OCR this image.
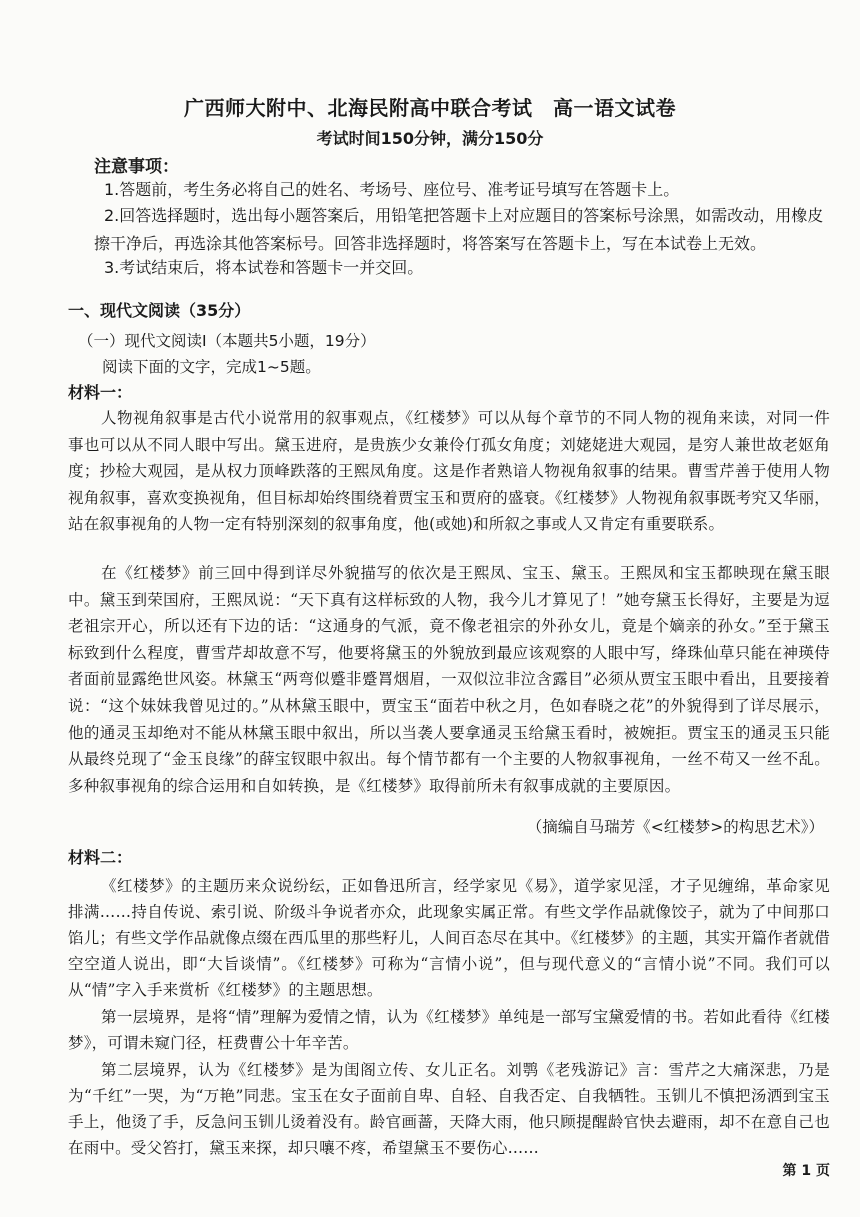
广西师大附中、北海民附高中联合考试　高一语文试卷
考试时间150分钟，满分150分
注意事项：
1.答题前，考生务必将自己的姓名、考场号、座位号、准考证号填写在答题卡上。
2.回答选择题时，选出每小题答案后，用铅笔把答题卡上对应题目的答案标号涂黑，如需改动，用橡皮擦干净后，再选涂其他答案标号。回答非选择题时，将答案写在答题卡上，写在本试卷上无效。
3.考试结束后，将本试卷和答题卡一并交回。
一、现代文阅读（35分）
（一）现代文阅读Ⅰ（本题共5小题，19分）
阅读下面的文字，完成1~5题。
材料一：
人物视角叙事是古代小说常用的叙事观点，《红楼梦》可以从每个章节的不同人物的视角来读，对同一件事也可以从不同人眼中写出。黛玉进府，是贵族少女兼伶仃孤女角度；刘姥姥进大观园，是穷人兼世故老妪角度；抄检大观园，是从权力顶峰跌落的王熙凤角度。这是作者熟谙人物视角叙事的结果。曹雪芹善于使用人物视角叙事，喜欢变换视角，但目标却始终围绕着贾宝玉和贾府的盛衰。《红楼梦》人物视角叙事既考究又华丽，站在叙事视角的人物一定有特别深刻的叙事角度，他(或她)和所叙之事或人又肯定有重要联系。
在《红楼梦》前三回中得到详尽外貌描写的依次是王熙凤、宝玉、黛玉。王熙凤和宝玉都映现在黛玉眼中。黛玉到荣国府，王熙凤说：“天下真有这样标致的人物，我今儿才算见了！”她夸黛玉长得好，主要是为逗老祖宗开心，所以还有下边的话：“这通身的气派，竟不像老祖宗的外孙女儿，竟是个嫡亲的孙女。”至于黛玉标致到什么程度，曹雪芹却故意不写，他要将黛玉的外貌放到最应该观察的人眼中写，绛珠仙草只能在神瑛侍者面前显露绝世风姿。林黛玉“两弯似蹙非蹙罥烟眉，一双似泣非泣含露目”必须从贾宝玉眼中看出，且要接着说：“这个妹妹我曾见过的。”从林黛玉眼中，贾宝玉“面若中秋之月，色如春晓之花”的外貌得到了详尽展示，他的通灵玉却绝对不能从林黛玉眼中叙出，所以当袭人要拿通灵玉给黛玉看时，被婉拒。贾宝玉的通灵玉只能从最终兑现了“金玉良缘”的薛宝钗眼中叙出。每个情节都有一个主要的人物叙事视角，一丝不苟又一丝不乱。多种叙事视角的综合运用和自如转换，是《红楼梦》取得前所未有叙事成就的主要原因。
（摘编自马瑞芳《<红楼梦>的构思艺术》）
材料二：
《红楼梦》的主题历来众说纷纭，正如鲁迅所言，经学家见《易》，道学家见淫，才子见缠绵，革命家见排满……持自传说、索引说、阶级斗争说者亦众，此现象实属正常。有些文学作品就像饺子，就为了中间那口馅儿；有些文学作品就像点缀在西瓜里的那些籽儿，人间百态尽在其中。《红楼梦》的主题，其实开篇作者就借空空道人说出，即“大旨谈情”。《红楼梦》可称为“言情小说”，但与现代意义的“言情小说”不同。我们可以从“情”字入手来赏析《红楼梦》的主题思想。
第一层境界，是将“情”理解为爱情之情，认为《红楼梦》单纯是一部写宝黛爱情的书。若如此看待《红楼梦》，可谓未窥门径，枉费曹公十年辛苦。
第二层境界，认为《红楼梦》是为闺阁立传、女儿正名。刘鹗《老残游记》言：雪芹之大痛深悲，乃是为“千红”一哭，为“万艳”同悲。宝玉在女子面前自卑、自轻、自我否定、自我牺牲。玉钏儿不慎把汤洒到宝玉手上，他烫了手，反急问玉钏儿烫着没有。龄官画蔷，天降大雨，他只顾提醒龄官快去避雨，却不在意自己也在雨中。受父笞打，黛玉来探，却只嚷不疼，希望黛玉不要伤心……
第 1 页
